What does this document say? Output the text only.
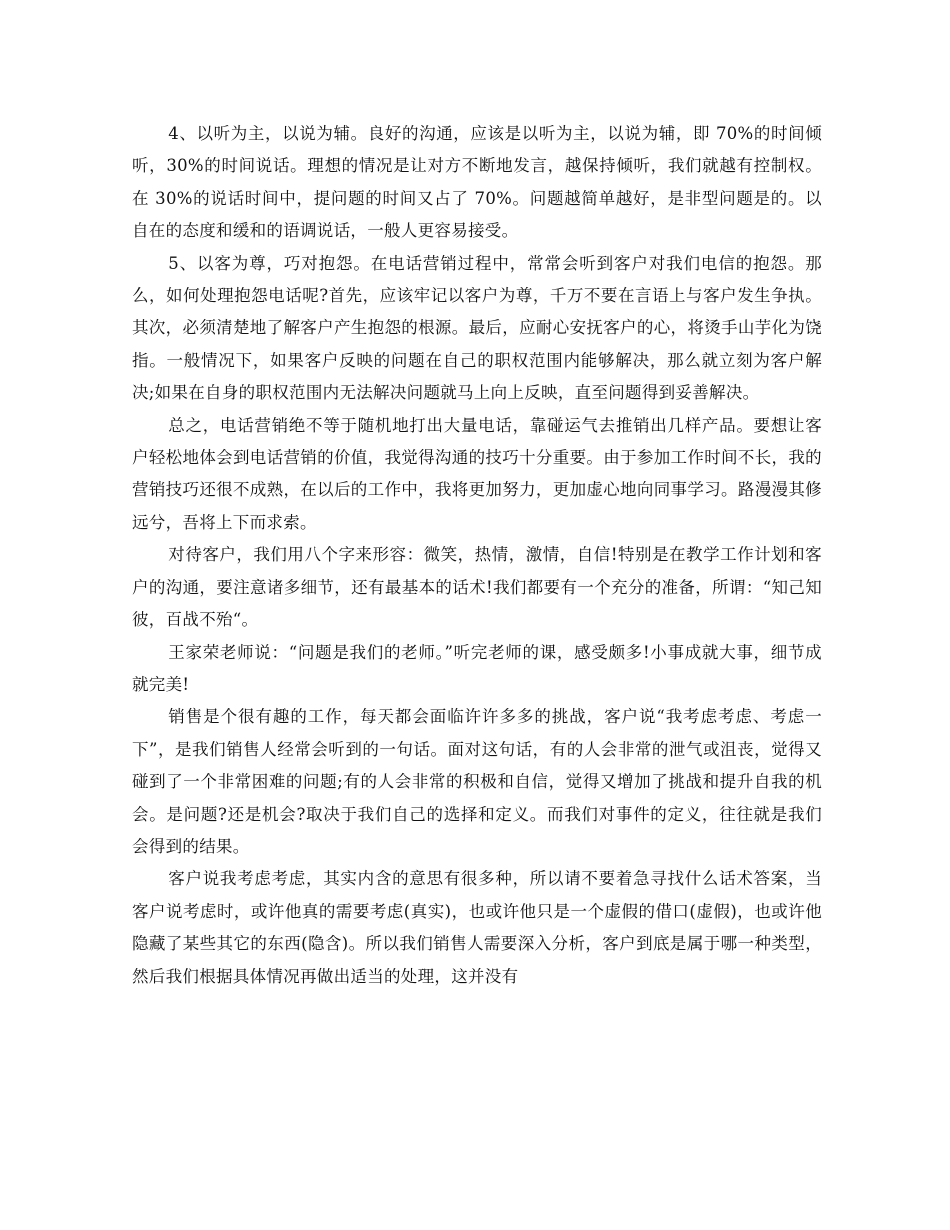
4、以听为主，以说为辅。良好的沟通，应该是以听为主，以说为辅，即 70%的时间倾听，30%的时间说话。理想的情况是让对方不断地发言，越保持倾听，我们就越有控制权。在 30%的说话时间中，提问题的时间又占了 70%。问题越简单越好，是非型问题是的。以自在的态度和缓和的语调说话，一般人更容易接受。

5、以客为尊，巧对抱怨。在电话营销过程中，常常会听到客户对我们电信的抱怨。那么，如何处理抱怨电话呢?首先，应该牢记以客户为尊，千万不要在言语上与客户发生争执。其次，必须清楚地了解客户产生抱怨的根源。最后，应耐心安抚客户的心，将烫手山芋化为饶指。一般情况下，如果客户反映的问题在自己的职权范围内能够解决，那么就立刻为客户解决;如果在自身的职权范围内无法解决问题就马上向上反映，直至问题得到妥善解决。

总之，电话营销绝不等于随机地打出大量电话，靠碰运气去推销出几样产品。要想让客户轻松地体会到电话营销的价值，我觉得沟通的技巧十分重要。由于参加工作时间不长，我的营销技巧还很不成熟，在以后的工作中，我将更加努力，更加虚心地向同事学习。路漫漫其修远兮，吾将上下而求索。

对待客户，我们用八个字来形容：微笑，热情，激情，自信!特别是在教学工作计划和客户的沟通，要注意诸多细节，还有最基本的话术!我们都要有一个充分的准备，所谓：“知己知彼，百战不殆“。

王家荣老师说：“问题是我们的老师。”听完老师的课，感受颇多!小事成就大事，细节成就完美!

销售是个很有趣的工作，每天都会面临许许多多的挑战，客户说“我考虑考虑、考虑一下”，是我们销售人经常会听到的一句话。面对这句话，有的人会非常的泄气或沮丧，觉得又碰到了一个非常困难的问题;有的人会非常的积极和自信，觉得又增加了挑战和提升自我的机会。是问题?还是机会?取决于我们自己的选择和定义。而我们对事件的定义，往往就是我们会得到的结果。

客户说我考虑考虑，其实内含的意思有很多种，所以请不要着急寻找什么话术答案，当客户说考虑时，或许他真的需要考虑(真实)，也或许他只是一个虚假的借口(虚假)，也或许他隐藏了某些其它的东西(隐含)。所以我们销售人需要深入分析，客户到底是属于哪一种类型，然后我们根据具体情况再做出适当的处理，这并没有
